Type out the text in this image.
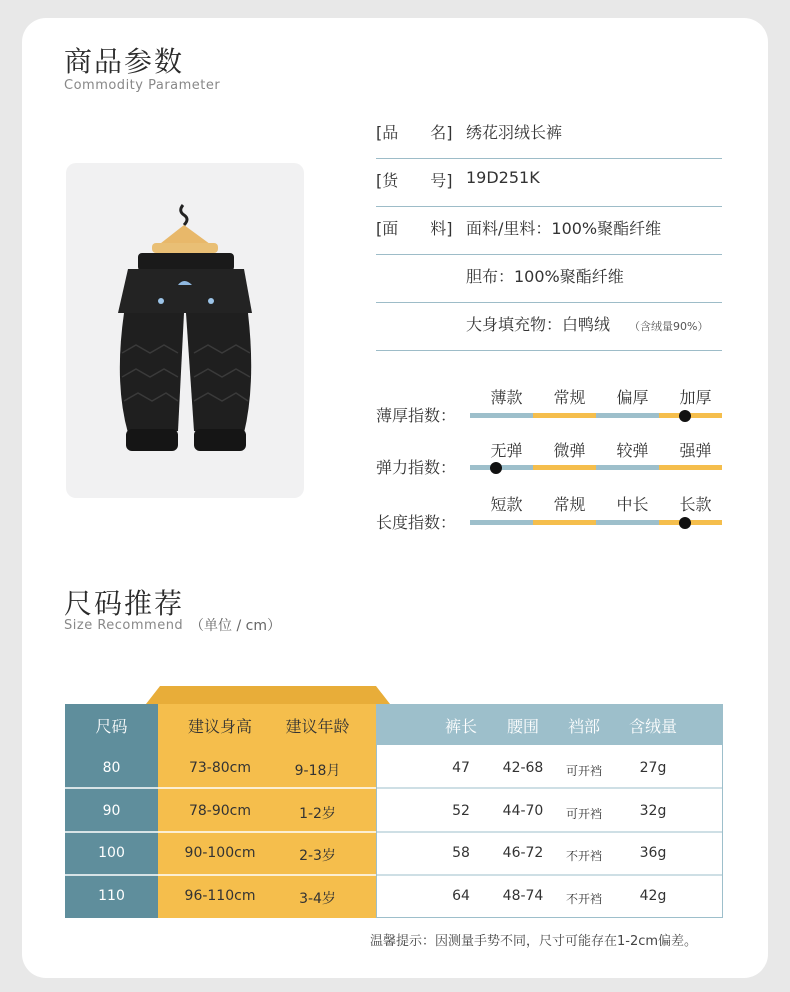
商品参数
Commodity Parameter
[品　　名] 绣花羽绒长裤
[货　　号] 19D251K
[面　　料] 面料/里料：100%聚酯纤维
胆布：100%聚酯纤维
大身填充物：白鸭绒 （含绒量90%）
薄厚指数：
薄款	常规	偏厚	加厚
弹力指数：
无弹	微弹	较弹	强弹
长度指数：
短款	常规	中长	长款
尺码推荐
Size Recommend （单位 / cm）
尺码	建议身高	建议年龄	裤长	腰围	裆部	含绒量
80	73-80cm	9-18月	47	42-68	可开裆	27g
90	78-90cm	1-2岁	52	44-70	可开裆	32g
100	90-100cm	2-3岁	58	46-72	不开裆	36g
110	96-110cm	3-4岁	64	48-74	不开裆	42g
温馨提示：因测量手势不同，尺寸可能存在1-2cm偏差。
